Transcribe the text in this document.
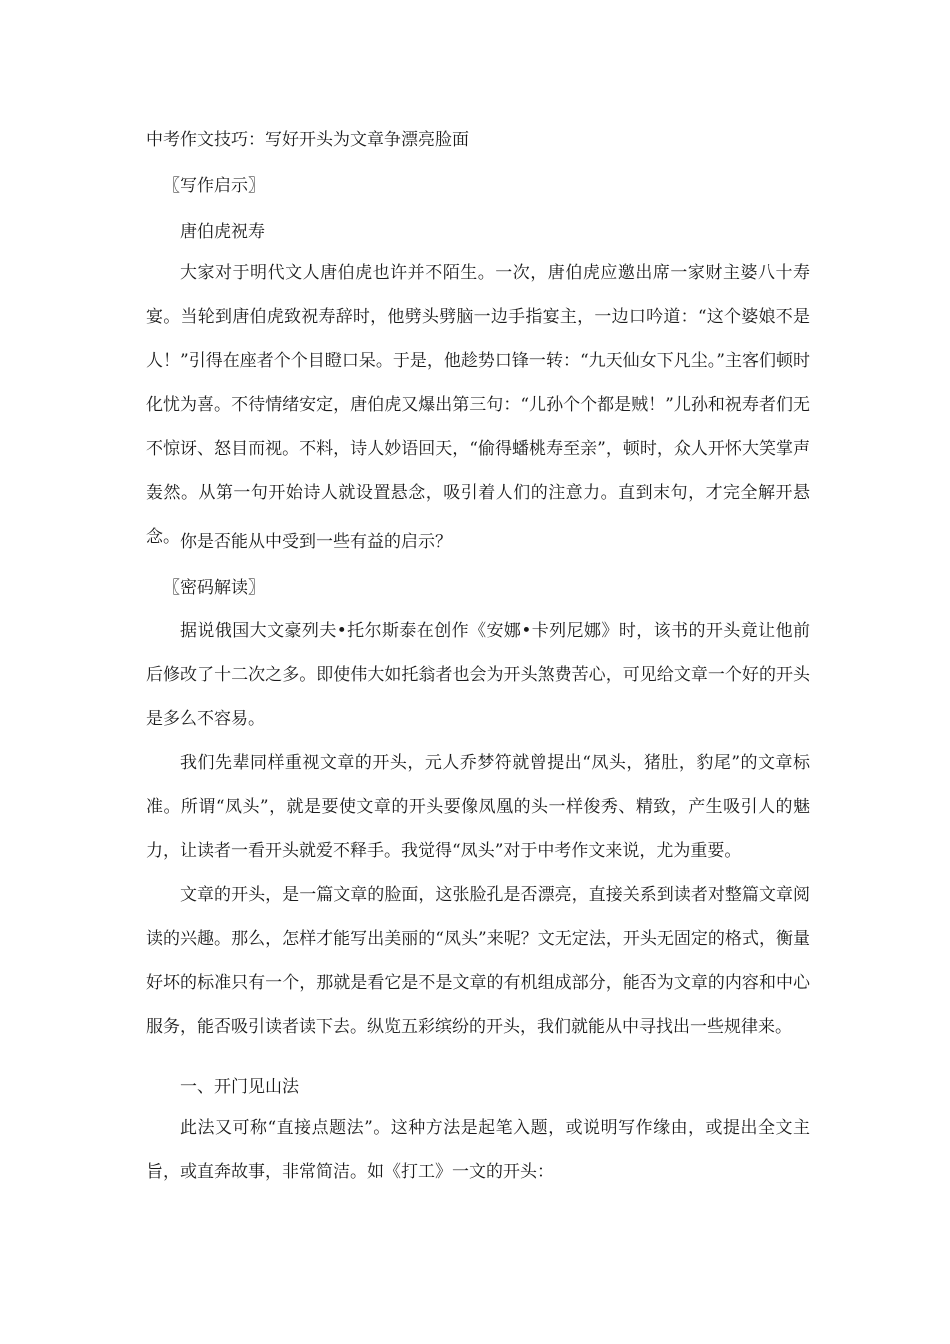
中考作文技巧：写好开头为文章争漂亮脸面
〖写作启示〗
唐伯虎祝寿
大家对于明代文人唐伯虎也许并不陌生。一次，唐伯虎应邀出席一家财主婆八十寿宴。当轮到唐伯虎致祝寿辞时，他劈头劈脑一边手指宴主，一边口吟道：“这个婆娘不是人！”引得在座者个个目瞪口呆。于是，他趁势口锋一转：“九天仙女下凡尘。”主客们顿时化忧为喜。不待情绪安定，唐伯虎又爆出第三句：“儿孙个个都是贼！”儿孙和祝寿者们无不惊讶、怒目而视。不料，诗人妙语回天，“偷得蟠桃寿至亲”，顿时，众人开怀大笑掌声轰然。从第一句开始诗人就设置悬念，吸引着人们的注意力。直到末句，才完全解开悬念。 你是否能从中受到一些有益的启示？
〖密码解读〗
据说俄国大文豪列夫•托尔斯泰在创作《安娜•卡列尼娜》时，该书的开头竟让他前后修改了十二次之多。即使伟大如托翁者也会为开头煞费苦心，可见给文章一个好的开头是多么不容易。
我们先辈同样重视文章的开头，元人乔梦符就曾提出“凤头，猪肚，豹尾”的文章标准。所谓“凤头”，就是要使文章的开头要像凤凰的头一样俊秀、精致，产生吸引人的魅力，让读者一看开头就爱不释手。我觉得“凤头”对于中考作文来说，尤为重要。
文章的开头，是一篇文章的脸面，这张脸孔是否漂亮，直接关系到读者对整篇文章阅读的兴趣。那么，怎样才能写出美丽的“凤头”来呢？文无定法，开头无固定的格式，衡量好坏的标准只有一个，那就是看它是不是文章的有机组成部分，能否为文章的内容和中心服务，能否吸引读者读下去。纵览五彩缤纷的开头，我们就能从中寻找出一些规律来。
一、开门见山法
此法又可称“直接点题法”。这种方法是起笔入题，或说明写作缘由，或提出全文主旨，或直奔故事，非常简洁。如《打工》一文的开头：
